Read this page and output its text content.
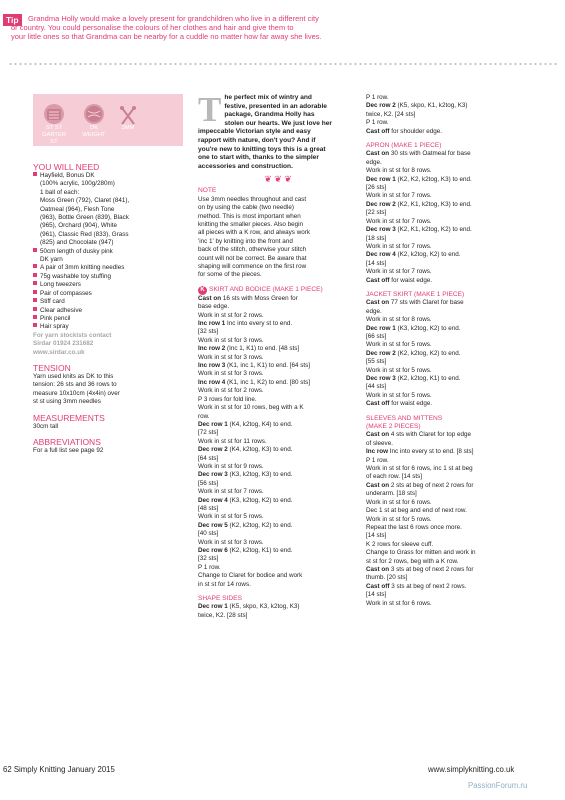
Tip	Grandma Holly would make a lovely present for grandchildren who live in a different city
or country. You could personalise the colours of her clothes and hair and give them to
your little ones so that Grandma can be nearby for a cuddle no matter how far away she lives.
ST ST
GARTER ST
DK
WEIGHT
3MM
YOU WILL NEED
Hayfield, Bonus DK
(100% acrylic, 100g/280m)
1 ball of each:
Moss Green (792), Claret (841),
Oatmeal (964), Flesh Tone
(963), Bottle Green (839), Black
(965), Orchard (904), White
(961), Classic Red (833), Grass
(825) and Chocolate (947)
50cm length of dusky pink
DK yarn
A pair of 3mm knitting needles
75g washable toy stuffing
Long tweezers
Pair of compasses
Stiff card
Clear adhesive
Pink pencil
Hair spray
For yarn stockists contact
Sirdar 01924 231682
www.sirdar.co.uk
TENSION
Yarn used knits as DK to this
tension: 26 sts and 36 rows to
measure 10x10cm (4x4in) over
st st using 3mm needles
MEASUREMENTS
30cm tall
ABBREVIATIONS
For a full list see page 92
T he perfect mix of wintry and
festive, presented in an adorable
package, Grandma Holly has
stolen our hearts. We just love her
impeccable Victorian style and easy
rapport with nature, don't you? And if
you're new to knitting toys this is a great
one to start with, thanks to the simpler
accessories and construction.
❦ ❦ ❦
NOTE
Use 3mm needles throughout and cast
on by using the cable (two needle)
method. This is most important when
knitting the smaller pieces. Also begin
all pieces with a K row, and always work
'inc 1' by knitting into the front and
back of the stitch, otherwise your stitch
count will not be correct. Be aware that
shaping will commence on the first row
for some of the pieces.
K SKIRT AND BODICE (MAKE 1 PIECE)
Cast on 16 sts with Moss Green for
base edge.
Work in st st for 2 rows.
Inc row 1 Inc into every st to end.
[32 sts]
Work in st st for 3 rows.
Inc row 2 (Inc 1, K1) to end. [48 sts]
Work in st st for 3 rows.
Inc row 3 (K1, inc 1, K1) to end. [64 sts]
Work in st st for 3 rows.
Inc row 4 (K1, inc 1, K2) to end. [80 sts]
Work in st st for 2 rows.
P 3 rows for fold line.
Work in st st for 10 rows, beg with a K
row.
Dec row 1 (K4, k2tog, K4) to end.
[72 sts]
Work in st st for 11 rows.
Dec row 2 (K4, k2tog, K3) to end.
[64 sts]
Work in st st for 9 rows.
Dec row 3 (K3, k2tog, K3) to end.
[56 sts]
Work in st st for 7 rows.
Dec row 4 (K3, k2tog, K2) to end.
[48 sts]
Work in st st for 5 rows.
Dec row 5 (K2, k2tog, K2) to end.
[40 sts]
Work in st st for 3 rows.
Dec row 6 (K2, k2tog, K1) to end.
[32 sts]
P 1 row.
Change to Claret for bodice and work
in st st for 14 rows.
SHAPE SIDES
Dec row 1 (K5, skpo, K3, k2tog, K3)
twice, K2. [28 sts]
P 1 row.
Dec row 2 (K5, skpo, K1, k2tog, K3)
twice, K2. [24 sts]
P 1 row.
Cast off for shoulder edge.
APRON (MAKE 1 PIECE)
Cast on 30 sts with Oatmeal for base
edge.
Work in st st for 8 rows.
Dec row 1 (K2, K2, k2tog, K3) to end.
[26 sts]
Work in st st for 7 rows.
Dec row 2 (K2, K1, k2tog, K3) to end.
[22 sts]
Work in st st for 7 rows.
Dec row 3 (K2, K1, k2tog, K2) to end.
[18 sts]
Work in st st for 7 rows.
Dec row 4 (K2, k2tog, K2) to end.
[14 sts]
Work in st st for 7 rows.
Cast off for waist edge.
JACKET SKIRT (MAKE 1 PIECE)
Cast on 77 sts with Claret for base
edge.
Work in st st for 8 rows.
Dec row 1 (K3, k2tog, K2) to end.
[66 sts]
Work in st st for 5 rows.
Dec row 2 (K2, k2tog, K2) to end.
[55 sts]
Work in st st for 5 rows.
Dec row 3 (K2, k2tog, K1) to end.
[44 sts]
Work in st st for 5 rows.
Cast off for waist edge.
SLEEVES AND MITTENS
(MAKE 2 PIECES)
Cast on 4 sts with Claret for top edge
of sleeve.
Inc row Inc into every st to end. [8 sts]
P 1 row.
Work in st st for 6 rows, inc 1 st at beg
of each row. [14 sts]
Cast on 2 sts at beg of next 2 rows for
underarm. [18 sts]
Work in st st for 6 rows.
Dec 1 st at beg and end of next row.
Work in st st for 5 rows.
Repeat the last 6 rows once more.
[14 sts]
K 2 rows for sleeve cuff.
Change to Grass for mitten and work in
st st for 2 rows, beg with a K row.
Cast on 3 sts at beg of next 2 rows for
thumb. [20 sts]
Cast off 3 sts at beg of next 2 rows.
[14 sts]
Work in st st for 6 rows.
62 Simply Knitting January 2015	www.simplyknitting.co.uk
PassionForum.ru
